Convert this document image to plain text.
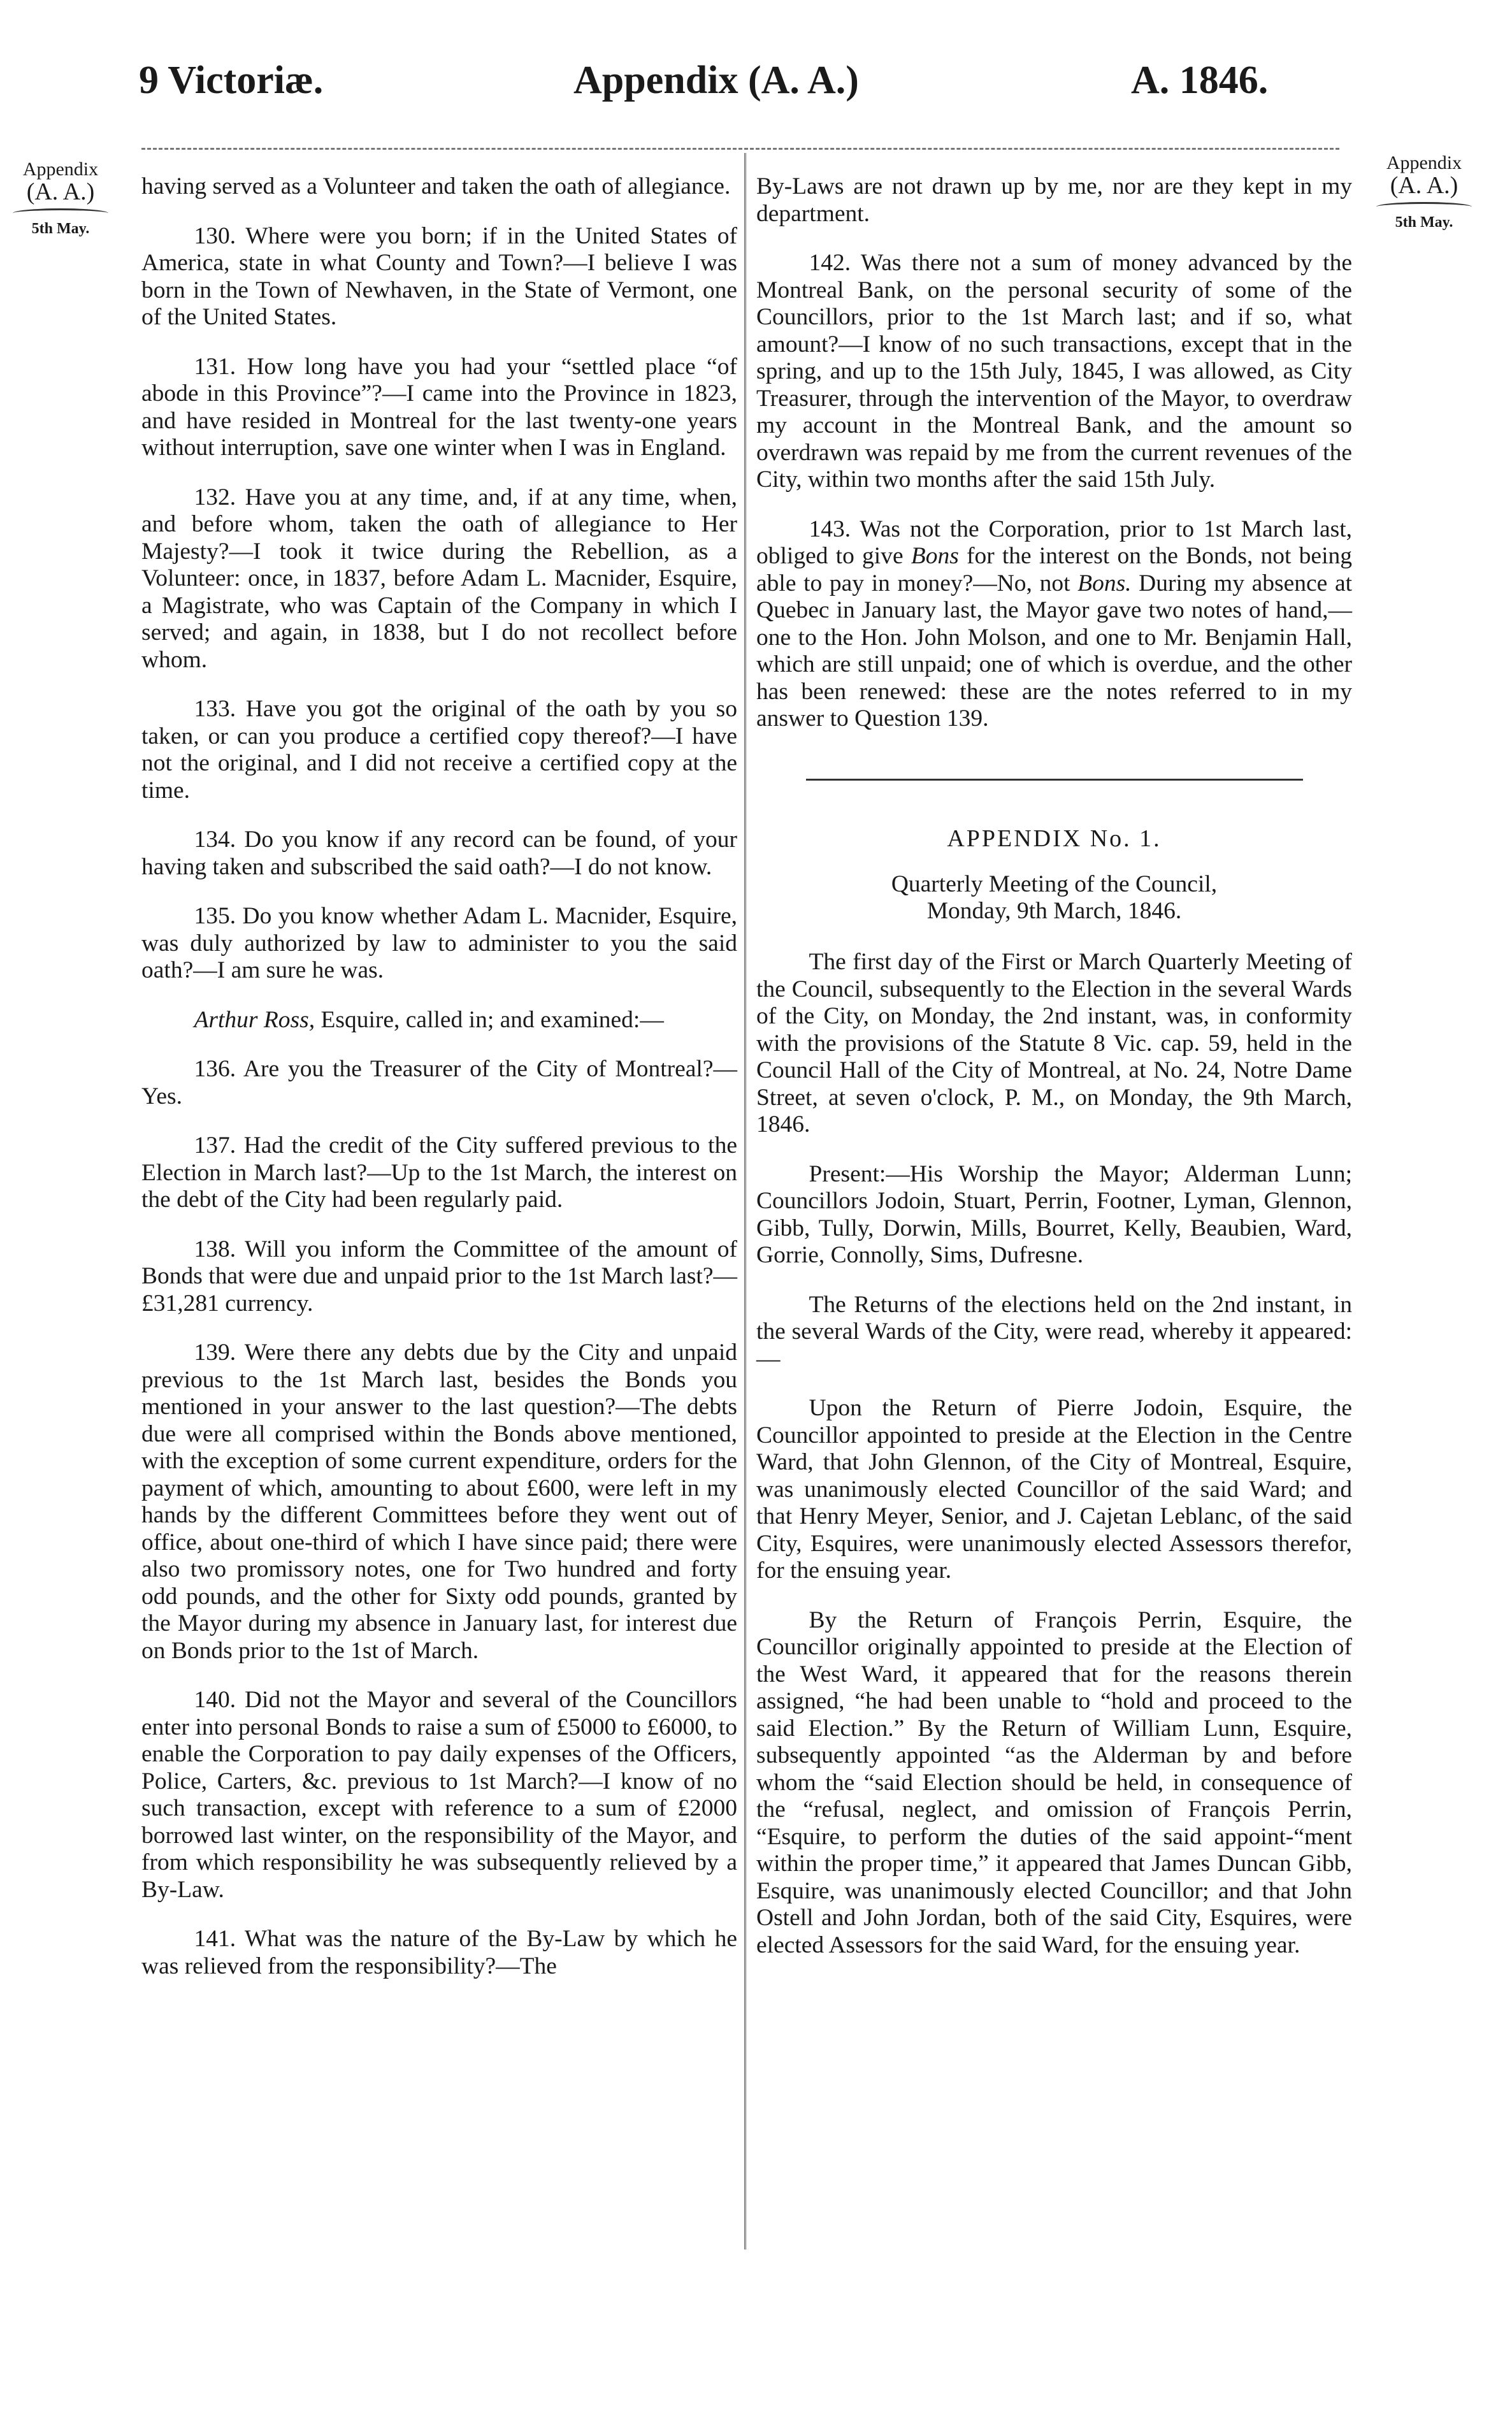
9 Victoriæ.	Appendix (A. A.)	A. 1846.
Appendix
(A. A.)
5th May.
Appendix
(A. A.)
5th May.

having served as a Volunteer and taken the oath of allegiance.

130. Where were you born; if in the United States of America, state in what County and Town?—I believe I was born in the Town of Newhaven, in the State of Vermont, one of the United States.

131. How long have you had your “settled place “of abode in this Province”?—I came into the Province in 1823, and have resided in Montreal for the last twenty-one years without interruption, save one winter when I was in England.

132. Have you at any time, and, if at any time, when, and before whom, taken the oath of allegiance to Her Majesty?—I took it twice during the Rebellion, as a Volunteer: once, in 1837, before Adam L. Macnider, Esquire, a Magistrate, who was Captain of the Company in which I served; and again, in 1838, but I do not recollect before whom.

133. Have you got the original of the oath by you so taken, or can you produce a certified copy thereof?—I have not the original, and I did not receive a certified copy at the time.

134. Do you know if any record can be found, of your having taken and subscribed the said oath?—I do not know.

135. Do you know whether Adam L. Macnider, Esquire, was duly authorized by law to administer to you the said oath?—I am sure he was.

Arthur Ross, Esquire, called in; and examined:—

136. Are you the Treasurer of the City of Montreal?—Yes.

137. Had the credit of the City suffered previous to the Election in March last?—Up to the 1st March, the interest on the debt of the City had been regularly paid.

138. Will you inform the Committee of the amount of Bonds that were due and unpaid prior to the 1st March last?—£31,281 currency.

139. Were there any debts due by the City and unpaid previous to the 1st March last, besides the Bonds you mentioned in your answer to the last question?—The debts due were all comprised within the Bonds above mentioned, with the exception of some current expenditure, orders for the payment of which, amounting to about £600, were left in my hands by the different Committees before they went out of office, about one-third of which I have since paid; there were also two promissory notes, one for Two hundred and forty odd pounds, and the other for Sixty odd pounds, granted by the Mayor during my absence in January last, for interest due on Bonds prior to the 1st of March.

140. Did not the Mayor and several of the Councillors enter into personal Bonds to raise a sum of £5000 to £6000, to enable the Corporation to pay daily expenses of the Officers, Police, Carters, &c. previous to 1st March?—I know of no such transaction, except with reference to a sum of £2000 borrowed last winter, on the responsibility of the Mayor, and from which responsibility he was subsequently relieved by a By-Law.

141. What was the nature of the By-Law by which he was relieved from the responsibility?—The

By-Laws are not drawn up by me, nor are they kept in my department.

142. Was there not a sum of money advanced by the Montreal Bank, on the personal security of some of the Councillors, prior to the 1st March last; and if so, what amount?—I know of no such transactions, except that in the spring, and up to the 15th July, 1845, I was allowed, as City Treasurer, through the intervention of the Mayor, to overdraw my account in the Montreal Bank, and the amount so overdrawn was repaid by me from the current revenues of the City, within two months after the said 15th July.

143. Was not the Corporation, prior to 1st March last, obliged to give Bons for the interest on the Bonds, not being able to pay in money?—No, not Bons. During my absence at Quebec in January last, the Mayor gave two notes of hand,—one to the Hon. John Molson, and one to Mr. Benjamin Hall, which are still unpaid; one of which is overdue, and the other has been renewed: these are the notes referred to in my answer to Question 139.

APPENDIX No. 1.
Quarterly Meeting of the Council,
Monday, 9th March, 1846.

The first day of the First or March Quarterly Meeting of the Council, subsequently to the Election in the several Wards of the City, on Monday, the 2nd instant, was, in conformity with the provisions of the Statute 8 Vic. cap. 59, held in the Council Hall of the City of Montreal, at No. 24, Notre Dame Street, at seven o'clock, P. M., on Monday, the 9th March, 1846.

Present:—His Worship the Mayor; Alderman Lunn; Councillors Jodoin, Stuart, Perrin, Footner, Lyman, Glennon, Gibb, Tully, Dorwin, Mills, Bourret, Kelly, Beaubien, Ward, Gorrie, Connolly, Sims, Dufresne.

The Returns of the elections held on the 2nd instant, in the several Wards of the City, were read, whereby it appeared:—

Upon the Return of Pierre Jodoin, Esquire, the Councillor appointed to preside at the Election in the Centre Ward, that John Glennon, of the City of Montreal, Esquire, was unanimously elected Councillor of the said Ward; and that Henry Meyer, Senior, and J. Cajetan Leblanc, of the said City, Esquires, were unanimously elected Assessors therefor, for the ensuing year.

By the Return of François Perrin, Esquire, the Councillor originally appointed to preside at the Election of the West Ward, it appeared that for the reasons therein assigned, “he had been unable to “hold and proceed to the said Election.” By the Return of William Lunn, Esquire, subsequently appointed “as the Alderman by and before whom the “said Election should be held, in consequence of the “refusal, neglect, and omission of François Perrin, “Esquire, to perform the duties of the said appoint-“ment within the proper time,” it appeared that James Duncan Gibb, Esquire, was unanimously elected Councillor; and that John Ostell and John Jordan, both of the said City, Esquires, were elected Assessors for the said Ward, for the ensuing year.
